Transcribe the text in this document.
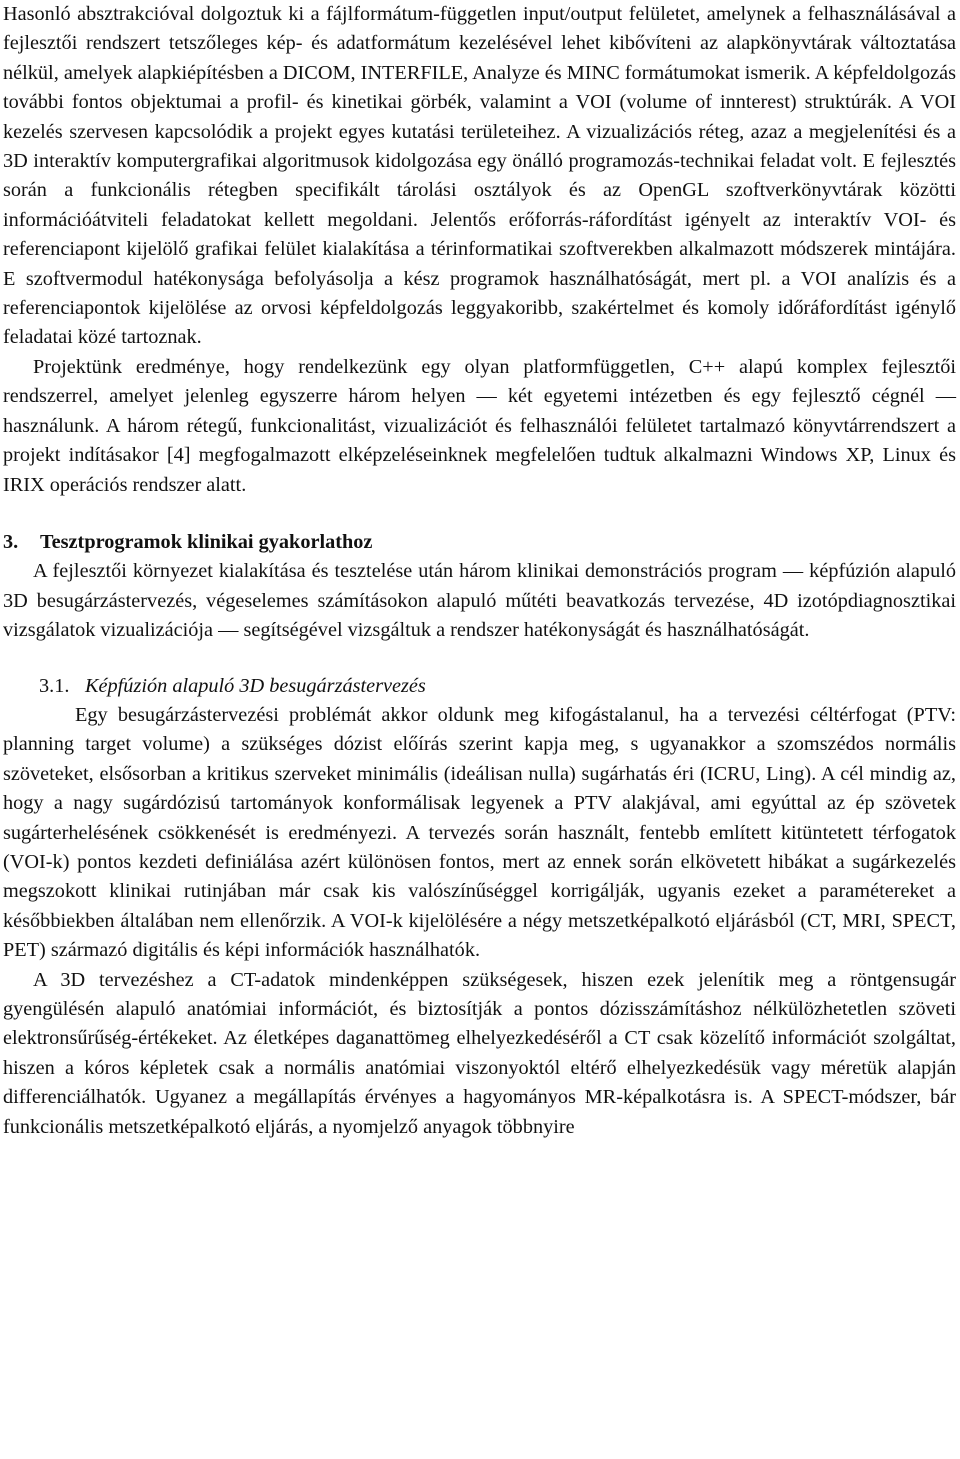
Hasonló absztrakcióval dolgoztuk ki a fájlformátum-független input/output felületet, amelynek a felhasználásával a fejlesztői rendszert tetszőleges kép- és adatformátum kezelésével lehet kibővíteni az alapkönyvtárak változtatása nélkül, amelyek alapkiépítésben a DICOM, INTERFILE, Analyze és MINC formátumokat ismerik. A képfeldolgozás további fontos objektumai a profil- és kinetikai görbék, valamint a VOI (volume of innterest) struktúrák. A VOI kezelés szervesen kapcsolódik a projekt egyes kutatási területeihez. A vizualizációs réteg, azaz a megjelenítési és a 3D interaktív komputergrafikai algoritmusok kidolgozása egy önálló programozás-technikai feladat volt. E fejlesztés során a funkcionális rétegben specifikált tárolási osztályok és az OpenGL szoftverkönyvtárak közötti információátviteli feladatokat kellett megoldani. Jelentős erőforrás-ráfordítást igényelt az interaktív VOI- és referenciapont kijelölő grafikai felület kialakítása a térinformatikai szoftverekben alkalmazott módszerek mintájára. E szoftvermodul hatékonysága befolyásolja a kész programok használhatóságát, mert pl. a VOI analízis és a referenciapontok kijelölése az orvosi képfeldolgozás leggyakoribb, szakértelmet és komoly időráfordítást igénylő feladatai közé tartoznak.

Projektünk eredménye, hogy rendelkezünk egy olyan platformfüggetlen, C++ alapú komplex fejlesztői rendszerrel, amelyet jelenleg egyszerre három helyen — két egyetemi intézetben és egy fejlesztő cégnél — használunk. A három rétegű, funkcionalitást, vizualizációt és felhasználói felületet tartalmazó könyvtárrendszert a projekt indításakor [4] megfogalmazott elképzeléseinknek megfelelően tudtuk alkalmazni Windows XP, Linux és IRIX operációs rendszer alatt.

3. Tesztprogramok klinikai gyakorlathoz

A fejlesztői környezet kialakítása és tesztelése után három klinikai demonstrációs program — képfúzión alapuló 3D besugárzástervezés, végeselemes számításokon alapuló műtéti beavatkozás tervezése, 4D izotópdiagnosztikai vizsgálatok vizualizációja — segítségével vizsgáltuk a rendszer hatékonyságát és használhatóságát.

3.1. Képfúzión alapuló 3D besugárzástervezés

Egy besugárzástervezési problémát akkor oldunk meg kifogástalanul, ha a tervezési céltérfogat (PTV: planning target volume) a szükséges dózist előírás szerint kapja meg, s ugyanakkor a szomszédos normális szöveteket, elsősorban a kritikus szerveket minimális (ideálisan nulla) sugárhatás éri (ICRU, Ling). A cél mindig az, hogy a nagy sugárdózisú tartományok konformálisak legyenek a PTV alakjával, ami egyúttal az ép szövetek sugárterhelésének csökkenését is eredményezi. A tervezés során használt, fentebb említett kitüntetett térfogatok (VOI-k) pontos kezdeti definiálása azért különösen fontos, mert az ennek során elkövetett hibákat a sugárkezelés megszokott klinikai rutinjában már csak kis valószínűséggel korrigálják, ugyanis ezeket a paramétereket a későbbiekben általában nem ellenőrzik. A VOI-k kijelölésére a négy metszetképalkotó eljárásból (CT, MRI, SPECT, PET) származó digitális és képi információk használhatók.

A 3D tervezéshez a CT-adatok mindenképpen szükségesek, hiszen ezek jelenítik meg a röntgensugár gyengülésén alapuló anatómiai információt, és biztosítják a pontos dózisszámításhoz nélkülözhetetlen szöveti elektronsűrűség-értékeket. Az életképes daganattömeg elhelyezkedéséről a CT csak közelítő információt szolgáltat, hiszen a kóros képletek csak a normális anatómiai viszonyoktól eltérő elhelyezkedésük vagy méretük alapján differenciálhatók. Ugyanez a megállapítás érvényes a hagyományos MR-képalkotásra is. A SPECT-módszer, bár funkcionális metszetképalkotó eljárás, a nyomjelző anyagok többnyire
